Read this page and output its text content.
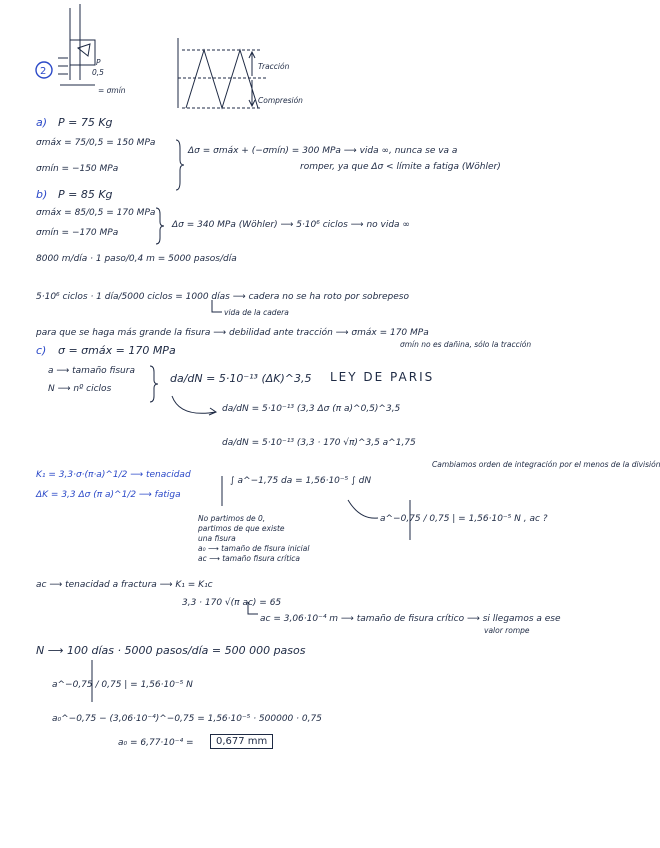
2
P
0,5
= σmín
Tracción
Compresión
a) P = 75 Kg
σmáx = 75/0,5 = 150 MPa
σmín = −150 MPa
Δσ = σmáx + (−σmín) = 300 MPa ⟶ vida ∞, nunca se va a
romper, ya que Δσ < límite a fatiga (Wöhler)
b) P = 85 Kg
σmáx = 85/0,5 = 170 MPa
σmín = −170 MPa
Δσ = 340 MPa (Wöhler) ⟶ 5·10⁶ ciclos ⟶ no vida ∞
8000 m/día · 1 paso/0,4 m = 5000 pasos/día
5·10⁶ ciclos · 1 día/5000 ciclos = 1000 días ⟶ cadera no se ha roto por sobrepeso
vida de la cadera
para que se haga más grande la fisura ⟶ debilidad ante tracción ⟶ σmáx = 170 MPa
σmín no es dañina, sólo la tracción
c) σ = σmáx = 170 MPa
a ⟶ tamaño fisura
N ⟶ nº ciclos
da/dN = 5·10⁻¹³ (ΔK)^3,5 LEY DE PARIS
da/dN = 5·10⁻¹³ (3,3 Δσ (π a)^0,5)^3,5
da/dN = 5·10⁻¹³ (3,3 · 170 √π)^3,5 a^1,75
K₁ = 3,3·σ·(π·a)^1/2 ⟶ tenacidad
ΔK = 3,3 Δσ (π a)^1/2 ⟶ fatiga
∫ a^−1,75 da = 1,56·10⁻⁵ ∫ dN
Cambiamos orden de integración por el menos de la división
a^−0,75 / 0,75 | = 1,56·10⁻⁵ N , ac ?
No partimos de 0,
partimos de que existe
una fisura
a₀ ⟶ tamaño de fisura inicial
ac ⟶ tamaño fisura crítica
ac ⟶ tenacidad a fractura ⟶ K₁ = K₁c
3,3 · 170 √(π ac) = 65
ac = 3,06·10⁻⁴ m ⟶ tamaño de fisura crítico ⟶ si llegamos a ese
valor rompe
N ⟶ 100 días · 5000 pasos/día = 500 000 pasos
a^−0,75 / 0,75 | = 1,56·10⁻⁵ N
a₀^−0,75 − (3,06·10⁻⁴)^−0,75 = 1,56·10⁻⁵ · 500000 · 0,75
a₀ = 6,77·10⁻⁴ =	0,677 mm
